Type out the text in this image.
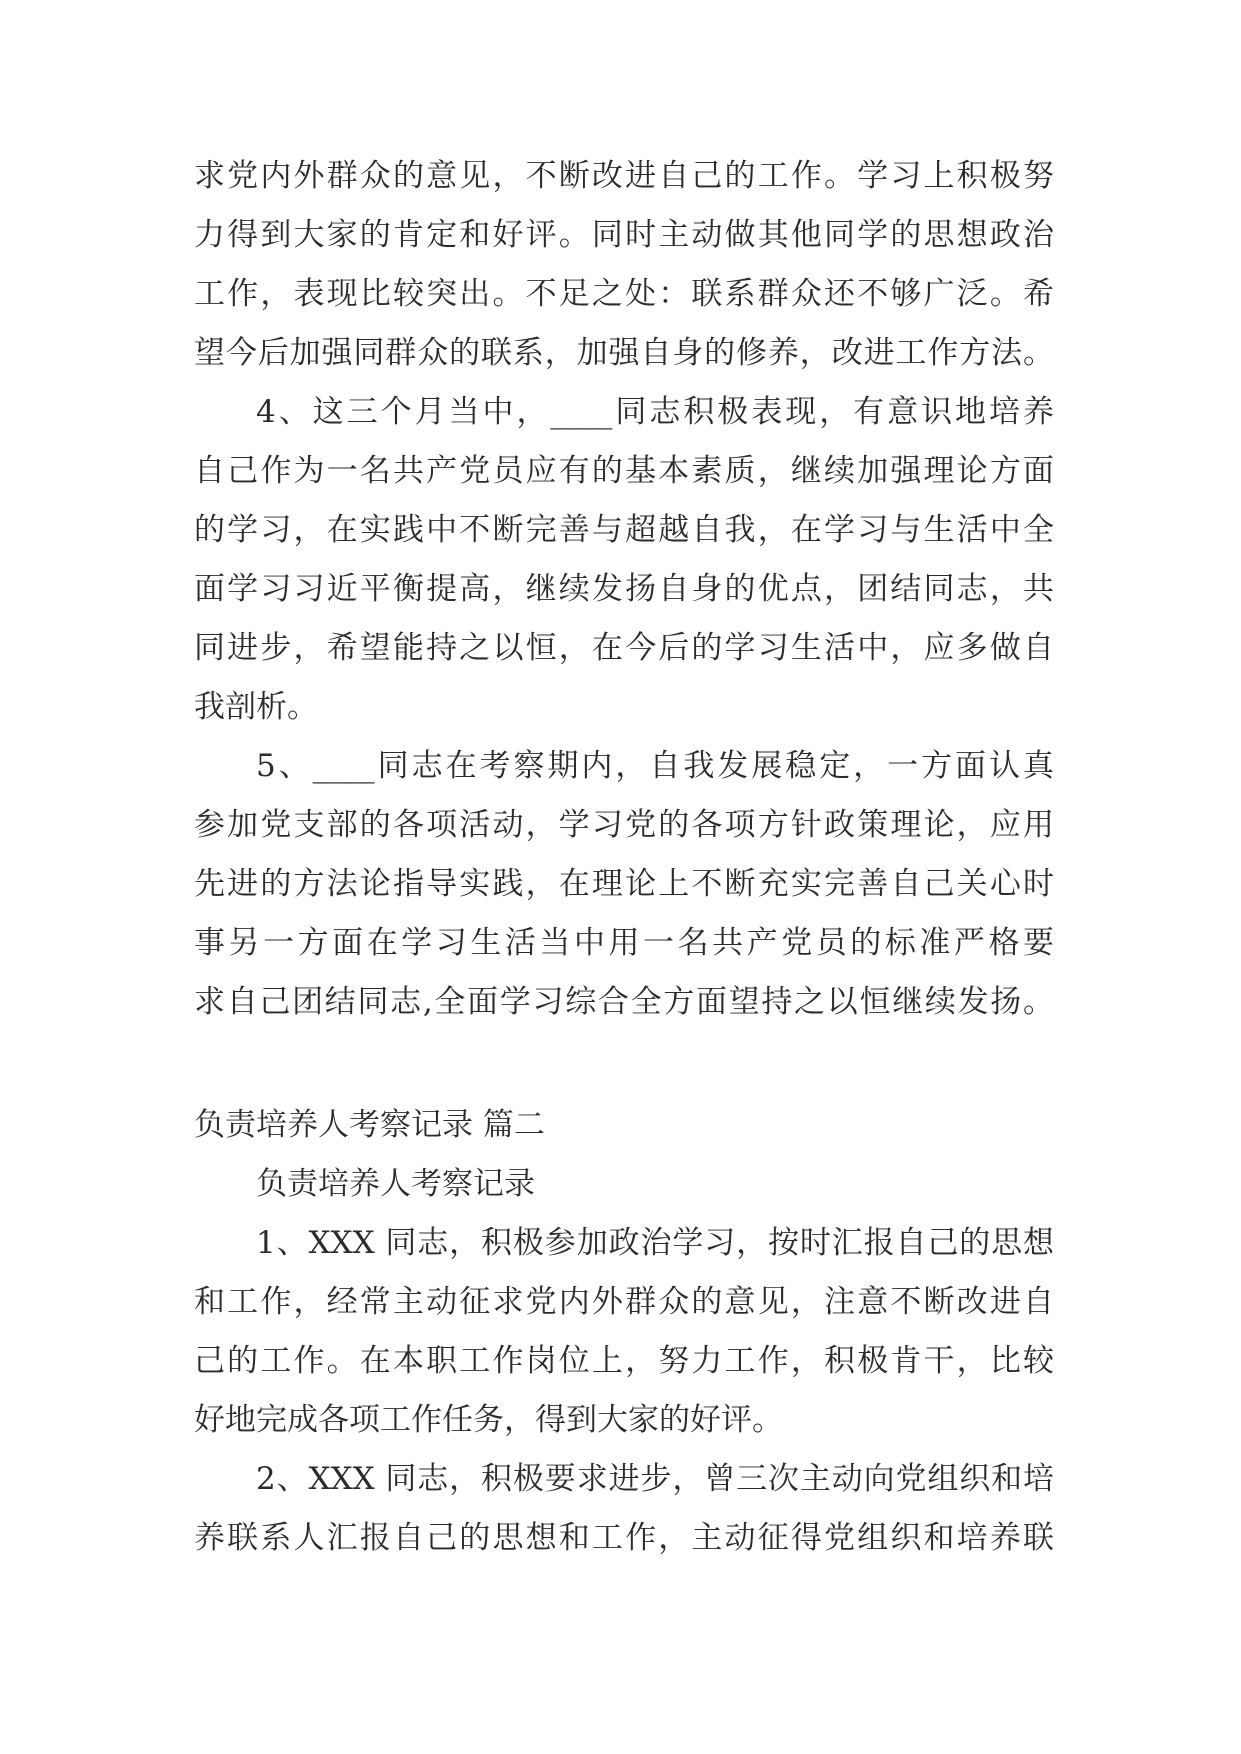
求党内外群众的意见，不断改进自己的工作。学习上积极努
力得到大家的肯定和好评。同时主动做其他同学的思想政治
工作，表现比较突出。不足之处：联系群众还不够广泛。希
望今后加强同群众的联系，加强自身的修养，改进工作方法。
4、这三个月当中，____同志积极表现，有意识地培养
自己作为一名共产党员应有的基本素质，继续加强理论方面
的学习，在实践中不断完善与超越自我，在学习与生活中全
面学习习近平衡提高，继续发扬自身的优点，团结同志，共
同进步，希望能持之以恒，在今后的学习生活中，应多做自
我剖析。
5、____同志在考察期内，自我发展稳定，一方面认真
参加党支部的各项活动，学习党的各项方针政策理论，应用
先进的方法论指导实践，在理论上不断充实完善自己关心时
事另一方面在学习生活当中用一名共产党员的标准严格要
求自己团结同志,全面学习综合全方面望持之以恒继续发扬。
负责培养人考察记录 篇二
负责培养人考察记录
1、XXX 同志，积极参加政治学习，按时汇报自己的思想
和工作，经常主动征求党内外群众的意见，注意不断改进自
己的工作。在本职工作岗位上，努力工作，积极肯干，比较
好地完成各项工作任务，得到大家的好评。
2、XXX 同志，积极要求进步，曾三次主动向党组织和培
养联系人汇报自己的思想和工作，主动征得党组织和培养联
